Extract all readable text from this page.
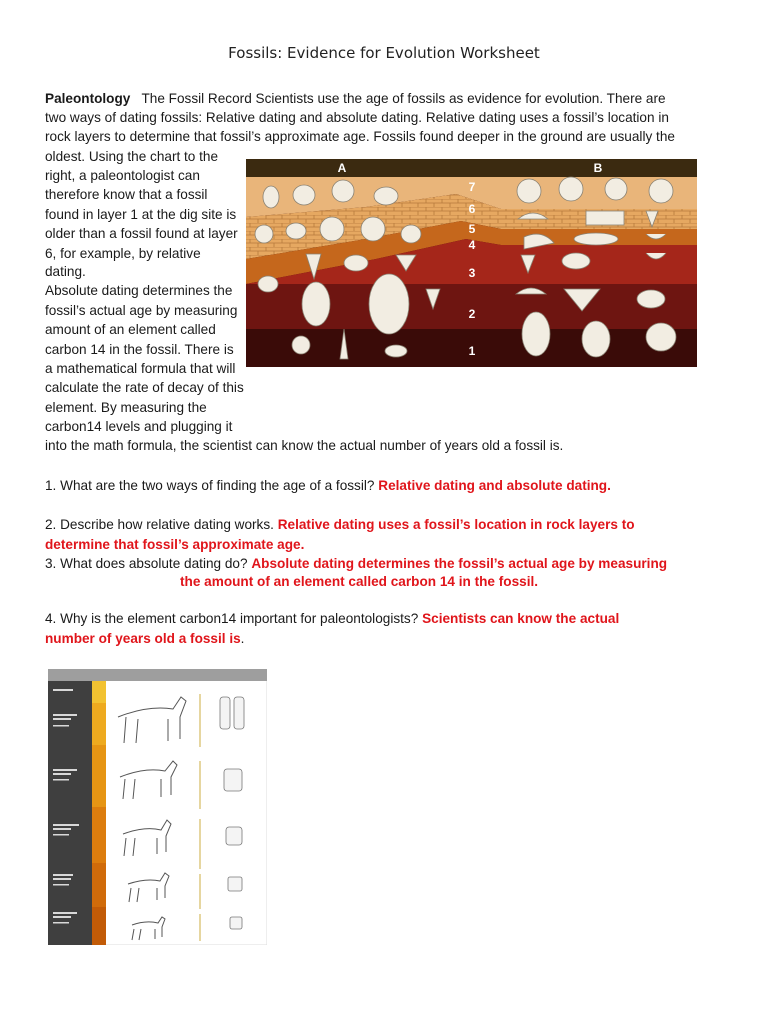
Fossils: Evidence for Evolution Worksheet
Paleontology The Fossil Record Scientists use the age of fossils as evidence for evolution. There are
two ways of dating fossils: Relative dating and absolute dating. Relative dating uses a fossil’s location in
rock layers to determine that fossil’s approximate age. Fossils found deeper in the ground are usually the
oldest. Using the chart to the
right, a paleontologist can
therefore know that a fossil
found in layer 1 at the dig site is
older than a fossil found at layer
6, for example, by relative
dating.
Absolute dating determines the
fossil’s actual age by measuring
amount of an element called
carbon 14 in the fossil. There is
a mathematical formula that will
calculate the rate of decay of this
element. By measuring the
carbon14 levels and plugging it
into the math formula, the scientist can know the actual number of years old a fossil is.
A	B
7
6
5
4
3
2
1
1. What are the two ways of finding the age of a fossil? Relative dating and absolute dating.
2. Describe how relative dating works. Relative dating uses a fossil’s location in rock layers to
determine that fossil’s approximate age.
3. What does absolute dating do? Absolute dating determines the fossil’s actual age by measuring
the amount of an element called carbon 14 in the fossil.
4. Why is the element carbon14 important for paleontologists? Scientists can know the actual
number of years old a fossil is.
